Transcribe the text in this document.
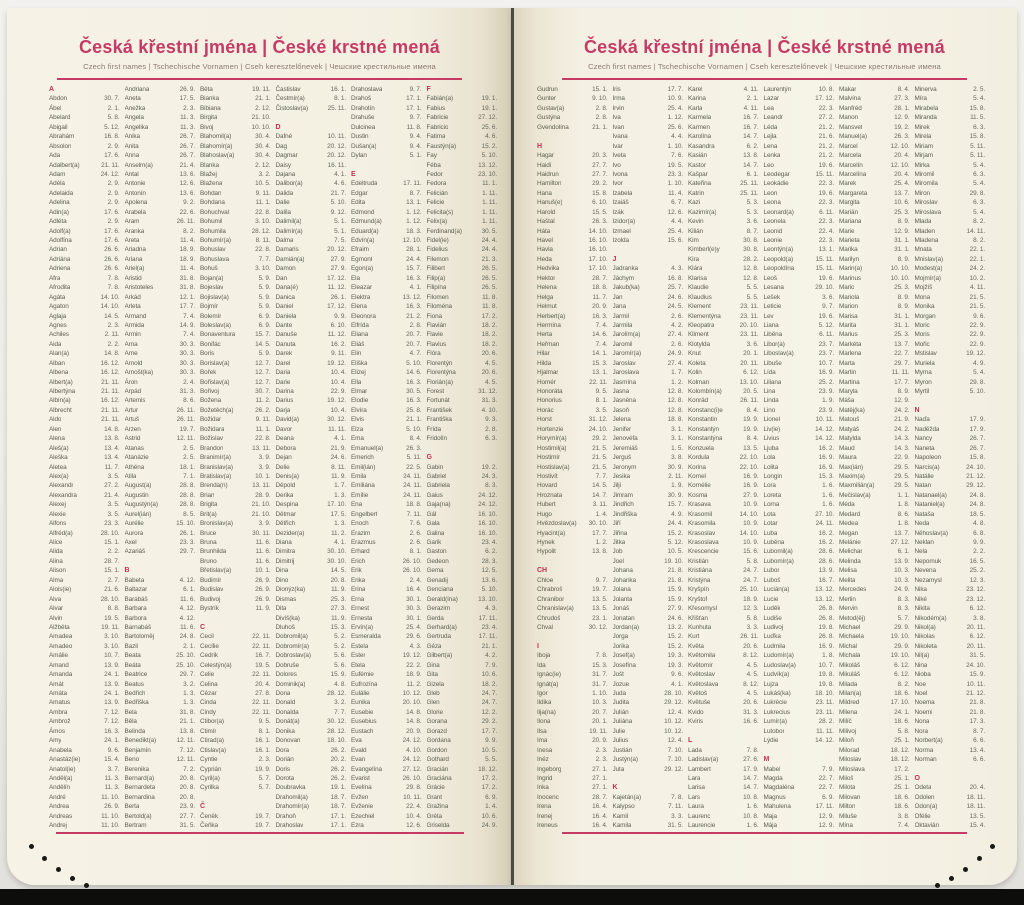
Česká křestní jména | České krstné mená
Czech first names | Tschechische Vornamen | Cseh keresztelőnevek | Чешские крестильные имена
A
Abdon	30. 7.
Ábel	2. 1.
Abelard	5. 8.
Abigail	5. 12.
Abrahám	16. 8.
Absolon	2. 9.
Ada	17. 6.
Adalbert(a)	21. 11.
Adam	24. 12.
Adéla	2. 9.
Adelaida	2. 9.
Adelina	2. 9.
Adin(a)	17. 6.
Adléta	2. 9.
Adolf(a)	17. 6.
Adolfína	17. 6.
Adrian	26. 6.
Adriána	26. 6.
Adriena	26. 6.
Afra	7. 8.
Afrodita	7. 8.
Agáta	14. 10.
Agaton	14. 10.
Aglaja	14. 5.
Agnes	2. 3.
Achiles	2. 11.
Aida	2. 2.
Alan(a)	14. 8.
Alban	16. 12.
Albena	16. 12.
Albert(a)	21. 11.
Albertýna	21. 11.
Albín(a)	16. 12.
Albrecht	21. 11.
Aldo	21. 11.
Alen	14. 8.
Alena	13. 8.
Aleš(a)	13. 4.
Aleška	13. 4.
Aletea	11. 7.
Alex(a)	3. 5.
Alexandr	27. 2.
Alexandra	21. 4.
Alexej	3. 5.
Alexie	3. 5.
Alfons	23. 3.
Alfréd(a)	28. 10.
Alice	15. 1.
Alida	2. 2.
Alina	28. 7.
Alison	15. 1.
Alma	2. 7.
Alois(ie)	21. 6.
Alva	28. 10.
Alvar	8. 8.
Alvin	19. 5.
Alžběta	19. 11.
Amadea	3. 10.
Amadeo	3. 10.
Amálie	10. 7.
Amand	13. 9.
Amanda	24. 1.
Amát	13. 9.
Amáta	24. 1.
Amatus	13. 9.
Ambra	7. 12.
Ambrož	7. 12.
Ámos	16. 3.
Amy	24. 1.
Anabela	9. 6.
Anastáz(ie)	15. 4.
Anatol(ie)	3. 7.
Anděl(a)	11. 3.
Andělín	11. 3.
André	11. 10.
Andrea	26. 9.
Andreas	11. 10.
Andrej	11. 10.
Andriana	26. 9.
Aneta	17. 5.
Anežka	2. 3.
Angela	11. 3.
Angelika	11. 3.
Anika	26. 7.
Anita	26. 7.
Anna	26. 7.
Anselm(a)	21. 4.
Antal	13. 6.
Antonie	12. 6.
Antonín	13. 6.
Apolena	9. 2.
Arabela	22. 6.
Aram	26. 11.
Aranka	8. 2.
Areta	11. 4.
Ariadna	18. 9.
Ariana	18. 9.
Ariel(a)	11. 4.
Aristid	31. 8.
Aristoteles	31. 8.
Arkád	12. 1.
Arleta	17. 7.
Armand	7. 4.
Armida	14. 9.
Armin	7. 4.
Arna	30. 3.
Arne	30. 3.
Arnold	30. 3.
Arnošt(ka)	30. 3.
Áron	2. 4.
Arpád	31. 3.
Artemis	8. 6.
Artur	26. 11.
Artuš	26. 11.
Arzen	19. 7.
Astrid	12. 11.
Atanas	2. 5.
Atanázie	2. 5.
Athéna	18. 1.
Atila	7. 1.
August(a)	28. 8.
Augustin	28. 8.
Augustýn(a)	28. 8.
Aurel(ián)	8. 5.
Aurélie	15. 10.
Aurora	26. 1.
Axel	23. 3.
Azariáš	29. 7.
B
Babeta	4. 12.
Baltazar	6. 1.
Barabáš	11. 6.
Barbara	4. 12.
Barbora	4. 12.
Barnabáš	11. 6.
Bartoloměj	24. 8.
Bazil	2. 1.
Beata	25. 10.
Beáta	25. 10.
Beatrice	29. 7.
Beatus	3. 2.
Bedřich	1. 3.
Bedřiška	1. 3.
Bela	31. 8.
Běla	21. 1.
Belinda	13. 8.
Benedikt(a)	12. 11.
Benjamín	7. 12.
Beno	12. 11.
Berenika	7. 2.
Bernard(a)	20. 8.
Bernardeta	20. 8.
Bernardina	20. 8.
Berta	23. 9.
Bertold(a)	27. 7.
Bertram	31. 5.
Běta	19. 11.
Bianka	21. 1.
Bibiana	2. 12.
Birgita	21. 10.
Bivoj	10. 10.
Blahomil(a)	30. 4.
Blahomír(a)	30. 4.
Blahoslav(a)	30. 4.
Blanka	2. 12.
Blažej	3. 2.
Blažena	10. 5.
Bohdan	9. 11.
Bohdana	11. 1.
Bohuchval	22. 8.
Bohumil	3. 10.
Bohumila	28. 12.
Bohumír(a)	8. 11.
Bohuslav	22. 8.
Bohuslava	7. 7.
Bohuš	3. 10.
Bojan(a)	5. 9.
Bojeslav	5. 9.
Bojislav(a)	5. 9.
Bojmír	5. 9.
Bolemír	6. 9.
Boleslav(a)	6. 9.
Bonaventura	15. 7.
Bonifác	14. 5.
Boris	5. 9.
Borislav(a)	12. 7.
Bořek	12. 7.
Bořislav(a)	12. 7.
Bořivoj	30. 7.
Božena	11. 2.
Božetěch(a)	26. 2.
Božidar	9. 11.
Božidara	11. 1.
Božislav	22. 8.
Brandon	13. 11.
Branimír(a)	3. 9.
Branislav(a)	3. 9.
Bratislav(a)	10. 1.
Brenda(n)	13. 11.
Brian	28. 9.
Brigita	21. 10.
Brit(a)	21. 10.
Bronislav(a)	3. 9.
Bruce	30. 11.
Bruna	11. 6.
Brunhilda	11. 6.
Bruno	11. 6.
Břetislav(a)	10. 1.
Budimír	26. 9.
Budislav	26. 9.
Budivoj	26. 9.
Bystrík	11. 9.
C
Cecil	22. 11.
Cecílie	22. 11.
Cedrik	16. 7.
Celestýn(a)	19. 5.
Celie	22. 11.
Celina	20. 4.
Cézar	27. 8.
Cinda	22. 11.
Cindy	22. 11.
Ctibor(a)	9. 5.
Ctimír	8. 1.
Ctirad(a)	16. 1.
Ctislav(a)	16. 1.
Cyntie	2. 3.
Cyprián	19. 9.
Cyril(a)	5. 7.
Cyrilka	5. 7.
Č
Čeněk	19. 7.
Čeňka	19. 7.
Častislav	16. 1.
Čestmír(a)	8. 1.
Čistoslav(a)	25. 11.
D
Dafné	10. 11.
Dag	20. 12.
Dagmar	20. 12.
Daisy	16. 11.
Dajana	4. 1.
Dalibor(a)	4. 6.
Dalida	21. 7.
Dalie	5. 10.
Dalila	9. 12.
Dalimil(a)	5. 1.
Dalimír(a)	5. 1.
Dalma	7. 5.
Damaris	20. 12.
Damián(a)	27. 9.
Damon	27. 9.
Dan	17. 12.
Dana(é)	11. 12.
Danica	26. 1.
Daniel	17. 12.
Daniela	9. 9.
Dante	6. 10.
Danuše	11. 12.
Danuta	16. 2.
Darek	9. 11.
Darel	19. 12.
Daria	10. 4.
Darie	10. 4.
Darina	22. 9.
Darius	19. 12.
Darja	10. 4.
David(a)	30. 12.
Davor	11. 11.
Deana	4. 1.
Debora	21. 9.
Dejan	24. 6.
Delie	8. 11.
Denis(a)	11. 9.
Děpold	1. 7.
Derika	1. 3.
Despina	17. 10.
Dětmar	17. 5.
Dětřich	1. 3.
Dezider(a)	11. 2.
Diana	4. 1.
Dimitra	30. 10.
Dimitrij	30. 10.
Dina	14. 5.
Dino	20. 8.
Dionýz(ka)	11. 9.
Dismas	25. 3.
Dita	27. 3.
Divíš(ka)	11. 9.
Dluhoš	15. 3.
Dobromil(a)	5. 2.
Dobromír(a)	5. 2.
Dobroslav(a)	5. 6.
Dobruše	5. 6.
Dolores	15. 9.
Dominik(a)	4. 8.
Dona	28. 12.
Donald	3. 2.
Donalda	7. 7.
Donát(a)	30. 12.
Donika	28. 12.
Donovan	18. 10.
Dora	26. 2.
Dorián	20. 2.
Doris	26. 2.
Dorota	26. 2.
Doubravka	19. 1.
Drahomil(a)	18. 7.
Drahomír(a)	18. 7.
Drahoň	17. 1.
Drahoslav	17. 1.
Drahoslava	9. 7.
Drahoš	17. 1.
Drahotín	17. 1.
Drahuše	9. 7.
Dulcinea	11. 8.
Dustin	9. 4.
Dušan(a)	9. 4.
Dylan	5. 1.
E
Edeltruda	17. 11.
Edgar	8. 7.
Edita	13. 1.
Edmond	1. 12.
Edmund(a)	1. 12.
Eduard(a)	18. 3.
Edvín(a)	12. 10.
Efraim	28. 1.
Egmont	24. 4.
Egon(a)	15. 7.
Ela	16. 3.
Eleazar	4. 1.
Elektra	13. 12.
Elena	16. 3.
Eleonora	21. 2.
Elfrída	2. 8.
Eliana	20. 7.
Eliáš	20. 7.
Elin	4. 7.
Eliška	5. 10.
Elizej	14. 6.
Ella	16. 3.
Elmar	30. 5.
Elodie	16. 3.
Elvíra	25. 8.
Elvis	21. 1.
Elza	5. 10.
Ema	8. 4.
Emanuel(a)	26. 3.
Emerich	5. 11.
Emil(ián)	22. 5.
Emila	24. 11.
Emiliána	24. 11.
Emílie	24. 11.
Ena	18. 8.
Engelbert	7. 11.
Enoch	7. 6.
Erazim	2. 6.
Erazmus	2. 6.
Erhard	8. 1.
Erich	26. 10.
Erik	26. 10.
Erika	2. 4.
Erina	16. 4.
Erna	30. 1.
Ernest	30. 3.
Ernesta	30. 1.
Ervín(a)	25. 4.
Esmeralda	29. 6.
Estela	4. 3.
Ester	19. 12.
Etela	22. 2.
Eufémie	18. 9.
Eufrozína	11. 2.
Eulálie	10. 12.
Eunika	20. 10.
Eusebie	14. 8.
Eusebius	14. 8.
Eustach	20. 9.
Eva	24. 12.
Evald	4. 10.
Evan	24. 12.
Evangelína	27. 12.
Evarist	26. 10.
Evelína	29. 8.
Evžen	10. 11.
Evženie	22. 4.
Ezechiel	10. 4.
Ezra	12. 6.
F
Fabián(a)	19. 1.
Fabius	19. 1.
Fabricie	27. 12.
Fabricio	25. 6.
Fatima	4. 6.
Faustýn(a)	15. 2.
Fay	5. 10.
Féba	13. 12.
Fedor	23. 10.
Fedora	11. 1.
Felicián	1. 11.
Felicie	1. 11.
Felicita(s)	1. 11.
Felix(a)	1. 11.
Ferdinand(a)	30. 5.
Fidel(ie)	24. 4.
Fidelius	24. 4.
Filemon	21. 3.
Filibert	26. 5.
Filip(a)	26. 5.
Filipína	26. 5.
Filomen	11. 8.
Filoména	11. 8.
Fiona	17. 2.
Flavián	18. 2.
Flavie	18. 2.
Flavius	18. 2.
Flóra	20. 6.
Florentýn	4. 5.
Florentýna	20. 6.
Florián(a)	4. 5.
Forest	31. 12.
Fortunát	31. 3.
František	4. 10.
Františka	9. 3.
Frída	2. 8.
Fridolín	6. 3.
G
Gabin	19. 2.
Gabriel	24. 3.
Gabriela	8. 3.
Gaius	24. 12.
Gaja(na)	24. 12.
Gál	16. 10.
Gala	16. 10.
Galina	16. 10.
Garik	23. 4.
Gaston	6. 2.
Gedeon	28. 3.
Gema	12. 5.
Genadij	13. 6.
Genciana	5. 10.
Gerald(ína)	13. 10.
Gerazim	4. 3.
Gerda	17. 11.
Gerhard(a)	23. 4.
Gertruda	17. 11.
Géza	21. 1.
Gilbert(a)	4. 2.
Gina	7. 9.
Gita	10. 6.
Gizela	18. 2.
Gleb	24. 7.
Glen	24. 7.
Glorie	12. 2.
Gorana	29. 2.
Gorazd	17. 7.
Gordana	9. 9.
Gordon	10. 5.
Gothard	5. 5.
Gracián	18. 12.
Graciána	17. 2.
Grácie	17. 2.
Grant	6. 9.
Gražina	1. 4.
Gréta	10. 6.
Griselda	24. 9.
Česká křestní jména | České krstné mená
Czech first names | Tschechische Vornamen | Cseh keresztelőnevek | Чешские крестильные имена
Gudrun	15. 1.
Gunter	9. 10.
Gustav(a)	2. 8.
Gustýna	2. 8.
Gvendolína	21. 1.
H
Hagar	20. 3.
Haidi	27. 7.
Haidrun	27. 7.
Hamilton	29. 2.
Hana	15. 8.
Hanuš(e)	6. 10.
Harold	15. 5.
Haštal	26. 3.
Háta	14. 10.
Havel	16. 10.
Havla	16. 10.
Heda	17. 10.
Hedvika	17. 10.
Hektor	28. 7.
Helena	18. 8.
Helga	11. 7.
Helmut	20. 9.
Herbert(a)	16. 3.
Hermína	7. 4.
Herta	14. 6.
Heřman	7. 4.
Hilar	14. 1.
Hilda	15. 3.
Hjalmar	13. 1.
Homér	22. 11.
Honoráta	9. 5.
Honorius	8. 1.
Horác	3. 5.
Horst	31. 12.
Hortenzie	24. 10.
Horymír(a)	29. 2.
Hostimil(a)	21. 5.
Hostimír	21. 5.
Hostislav(a)	21. 5.
Hostivít	7. 7.
Hovard	14. 5.
Hroznata	14. 7.
Hubert	3. 11.
Hugo	1. 4.
Hvězdoslav(a) 30. 10.
Hyacint(a)	17. 7.
Hynek	1. 2.
Hypolit	13. 8.
CH
Chloe	9. 7.
Chrabroš	19. 7.
Chranibor	13. 5.
Chranislav(a)	13. 5.
Chrudoš	23. 1.
Chval	30. 12.
I
Iboja	7. 8.
Ida	15. 3.
Ignác(ie)	31. 7.
Ignát(a)	31. 7.
Igor	1. 10.
Ildika	10. 3.
Ilja(na)	20. 7.
Ilona	20. 1.
Ilsa	19. 11.
Ima	20. 9.
Inesa	2. 3.
Inéz	2. 3.
Ingeborg	27. 1.
Ingrid	27. 1.
Inka	27. 1.
Inocenc	28. 7.
Irena	16. 4.
Irenej	16. 4.
Ireneus	16. 4.
Iris	17. 7.
Irma	10. 9.
Irvin	25. 4.
Iva	1. 12.
Ivan	25. 6.
Ivana	4. 4.
Ivar	1. 10.
Iveta	7. 6.
Ivo	19. 5.
Ivona	23. 3.
Ivor	1. 10.
Izabela	11. 4.
Izaiáš	6. 7.
Izák	12. 6.
Izidor(a)	4. 4.
Izmael	25. 4.
Izolda	15. 6.
J
Jadranka	4. 3.
Jáchym	16. 8.
Jakub(ka)	25. 7.
Jan	24. 6.
Jana	24. 5.
Jarmil	2. 6.
Jarmila	4. 2.
Jarolím(a)	27. 4.
Jaromil	2. 6.
Jaromír(a)	24. 9.
Jaroslav	27. 4.
Jaroslava	1. 7.
Jasmína	1. 2.
Jasna	12. 8.
Jasněna	12. 8.
Jasoň	12. 8.
Jelena	18. 8.
Jenifer	3. 1.
Jenovéfa	3. 1.
Jeremiáš	1. 5.
Jerguš	3. 8.
Jeronym	30. 9.
Jesika	2. 11.
Jiljí	1. 9.
Jimram	30. 9.
Jindřich	15. 7.
Jindřiška	4. 9.
Jiří	24. 4.
Jiřina	15. 2.
Jitka	5. 12.
Job	10. 5.
Joel	19. 10.
Johana	21. 8.
Johanka	21. 8.
Jolana	15. 9.
Jolanta	15. 9.
Jonáš	27. 9.
Jonatan	24. 6.
Jordan(a)	13. 2.
Jorga	15. 2.
Jorika	15. 2.
Josef(a)	19. 3.
Josefína	19. 3.
Jošt	9. 6.
Jozue	4. 1.
Juda	28. 10.
Judita	29. 12.
Julián	12. 4.
Juliána	10. 12.
Julie	10. 12.
Julius	12. 4.
Justián	7. 10.
Justýn(a)	7. 10.
Juta	29. 12.
K
Kajetán(a)	7. 8.
Kalypso	7. 11.
Kamil	3. 3.
Kamila	31. 5.
Karel	4. 11.
Karina	2. 1.
Karla	4. 11.
Karmela	16. 7.
Karmen	16. 7.
Karolína	14. 7.
Kasandra	6. 2.
Kasián	13. 8.
Kastor	14. 7.
Kašpar	6. 1.
Kateřina	25. 11.
Katrin	25. 11.
Kazi	5. 3.
Kazimír(a)	5. 3.
Kevin	3. 6.
Kilián	8. 7.
Kim	30. 8.
Kimberl(e)y	30. 8.
Kira	28. 2.
Klára	12. 8.
Klarisa	12. 8.
Klaudie	5. 5.
Klaudius	5. 5.
Klement	23. 11.
Klementýna	23. 11.
Kleopatra	20. 10.
Kliment	23. 11.
Klotylda	3. 6.
Knut	20. 1.
Koleta	20. 11.
Kolin	6. 12.
Kolman	13. 10.
Kolombín(a)	20. 5.
Konrád	26. 11.
Konstanc(i)e	8. 4.
Konstantin	19. 9.
Konstantýn	19. 9.
Konstantýna	8. 4.
Konzuela	13. 5.
Kordula	22. 10.
Korina	22. 10.
Kornel	16. 9.
Kornélie	16. 9.
Kosma	27. 9.
Krasava	10. 9.
Krasomil	14. 10.
Krasomila	10. 9.
Krasoslav	14. 10.
Krasoslava	10. 9.
Krescencie	15. 6.
Kristián	5. 8.
Kristiána	24. 7.
Kristýna	24. 7.
Kryšpín	25. 10.
Kryštof	18. 9.
Křesomysl	12. 3.
Křišťan	5. 8.
Kunhuta	3. 3.
Kurt	26. 11.
Květa	20. 6.
Květomila	8. 12.
Květomír	4. 5.
Květoslav	4. 5.
Květoslava	8. 12.
Květoš	4. 5.
Květuše	20. 6.
Kvido	31. 3.
Kviris	16. 6.
L
Lada	7. 8.
Ladislav(a)	27. 6.
Lambert	17. 9.
Lara	14. 7.
Larisa	14. 7.
Lars	10. 8.
Laura	1. 6.
Laurenc	10. 8.
Laurencie	1. 6.
Laurentýn	10. 8.
Lazar	17. 12.
Lea	22. 3.
Leandr	27. 2.
Léda	21. 2.
Lejla	21. 6.
Lena	21. 2.
Lenka	21. 2.
Leo	19. 6.
Leodegar	15. 11.
Leokádie	22. 3.
Leon	19. 6.
Leona	22. 3.
Leonard(a)	6. 11.
Leonela	22. 3.
Leonid	22. 4.
Leonie	22. 3.
Leontýn(a)	13. 1.
Leopold(a)	15. 11.
Leopoldína	15. 11.
Leoš	19. 6.
Lesana	29. 10.
Lešek	3. 6.
Leticie	9. 7.
Lev	19. 6.
Liana	5. 12.
Liběna	6. 11.
Libor(a)	23. 7.
Liboslav(a)	23. 7.
Libuše	10. 7.
Lída	16. 9.
Liliana	25. 2.
Lina	23. 9.
Linda	1. 9.
Lino	23. 9.
Lionel	10. 11.
Liv(ie)	14. 12.
Livius	14. 12.
Ljuba	16. 2.
Lola	16. 9.
Lolita	16. 9.
Longin	15. 3.
Lora	1. 6.
Loreta	1. 6.
Lorna	1. 6.
Lota	27. 10.
Lotar	24. 11.
Luba	16. 2.
Luběna	16. 2.
Lubomil(a)	28. 6.
Lubomír(a)	28. 6.
Lubor	13. 9.
Luboš	16. 7.
Lucián(a)	13. 12.
Lucie	13. 12.
Luděk	26. 8.
Ludiše	26. 8.
Ludivoj	19. 8.
Luďka	26. 8.
Ludmila	16. 9.
Ludomír(a)	1. 8.
Ludoslav(a)	10. 7.
Ludvík(a)	19. 8.
Lujza	19. 8.
Lukáš(ka)	18. 10.
Lukrécie	23. 11.
Lukrecius	23. 11.
Lumír(a)	28. 2.
Lutobor	11. 11.
Lýdie	14. 12.
M
Mabel	7. 9.
Magda	22. 7.
Magdaléna	22. 7.
Magnus	6. 9.
Mahulena	17. 11.
Maja	12. 9.
Mája	12. 9.
Makar	8. 4.
Malvína	27. 3.
Manfréd	28. 1.
Manon	12. 9.
Mansvet	19. 2.
Manuel(a)	26. 3.
Marcel	12. 10.
Marcela	20. 4.
Marcelín	12. 10.
Marcelína	20. 4.
Marek	25. 4.
Margareta	13. 7.
Margita	10. 6.
Marián	25. 3.
Mariana	8. 9.
Marie	12. 9.
Marieta	31. 1.
Marika	31. 1.
Marilyn	8. 9.
Marin(a)	10. 10.
Marinus	10. 10.
Mario	25. 3.
Mariola	8. 9.
Marion	8. 9.
Marisa	31. 1.
Marita	31. 1.
Marius	25. 3.
Markéta	13. 7.
Marlena	22. 7.
Marta	29. 7.
Martin	11. 11.
Martina	17. 7.
Maryla	8. 9.
Máša	12. 9.
Matěj(ka)	24. 2.
Matouš	21. 9.
Matyáš	24. 2.
Matylda	14. 3.
Maud	14. 3.
Maura	22. 9.
Max(ián)	29. 5.
Maxim(a)	29. 5.
Maxmilián(a)	29. 5.
Mečislav(a)	1. 1.
Méda	1. 8.
Medard	8. 6.
Medea	1. 8.
Megan	13. 7.
Melánie	27. 12.
Melichar	6. 1.
Melinda	13. 9.
Melisa	10. 3.
Melita	10. 3.
Mercedes	24. 9.
Merlin	8. 3.
Mervin	8. 3.
Metod(ěj)	5. 7.
Michael	29. 9.
Michaela	19. 10.
Michal	29. 9.
Michala	19. 10.
Mikoláš	6. 12.
Mikuláš	6. 12.
Milada	8. 2.
Milan(a)	18. 6.
Mildred	17. 10.
Milena	24. 1.
Milíč	18. 6.
Milivoj	5. 8.
Miloň	25. 1.
Milorad	18. 12.
Miloslav	18. 12.
Miloslava	17. 2.
Miloš	25. 1.
Milota	25. 1.
Milovan	18. 6.
Milton	18. 6.
Miluše	3. 8.
Mína	7. 4.
Minerva	2. 5.
Míra	5. 4.
Mirabela	15. 8.
Miranda	11. 5.
Mirek	6. 3.
Mirela	15. 8.
Miriam	5. 11.
Mirjam	5. 11.
Mirka	5. 4.
Miromil	6. 3.
Miromila	5. 4.
Miron	29. 8.
Miroslav	6. 3.
Miroslava	5. 4.
Mlada	8. 2.
Mladen	14. 11.
Mladena	8. 2.
Mnata	22. 1.
Mnislav(a)	22. 1.
Modest(a)	24. 2.
Mojmír(a)	10. 2.
Mojžíš	4. 11.
Mona	21. 5.
Monika	21. 5.
Morgan	9. 6.
Moric	22. 9.
Moris	22. 9.
Mořic	22. 9.
Mstislav	19. 12.
Muriela	4. 9.
Myrna	5. 4.
Myron	29. 8.
Myrtil	5. 10.
N
Naďa	17. 9.
Naděžda	17. 9.
Nancy	26. 7.
Naneta	26. 7.
Napoleon	15. 8.
Narcis(a)	24. 10.
Natálie	21. 12.
Natan	29. 12.
Natanael(a)	24. 8.
Nataniel(a)	24. 8.
Nataša	18. 5.
Neda	4. 8.
Něhoslav(a)	6. 8.
Neklan	9. 9.
Nela	2. 2.
Nepomuk	16. 5.
Nevena	25. 2.
Nezamysl	12. 3.
Nika	23. 12.
Niké	23. 12.
Nikita	6. 12.
Nikodém(a)	3. 8.
Nikol(a)	20. 11.
Nikolas	6. 12.
Nikoleta	20. 11.
Nil(a)	31. 5.
Nina	24. 10.
Nioba	15. 9.
Noe	10. 11.
Noel	21. 12.
Noema	21. 8.
Noemi	21. 8.
Nona	17. 3.
Nora	8. 7.
Norbert(a)	6. 6.
Norma	13. 4.
Norman	6. 6.
O
Odeta	20. 4.
Odolen	18. 11.
Odon(a)	18. 11.
Ofélie	13. 5.
Oktavián	15. 4.
